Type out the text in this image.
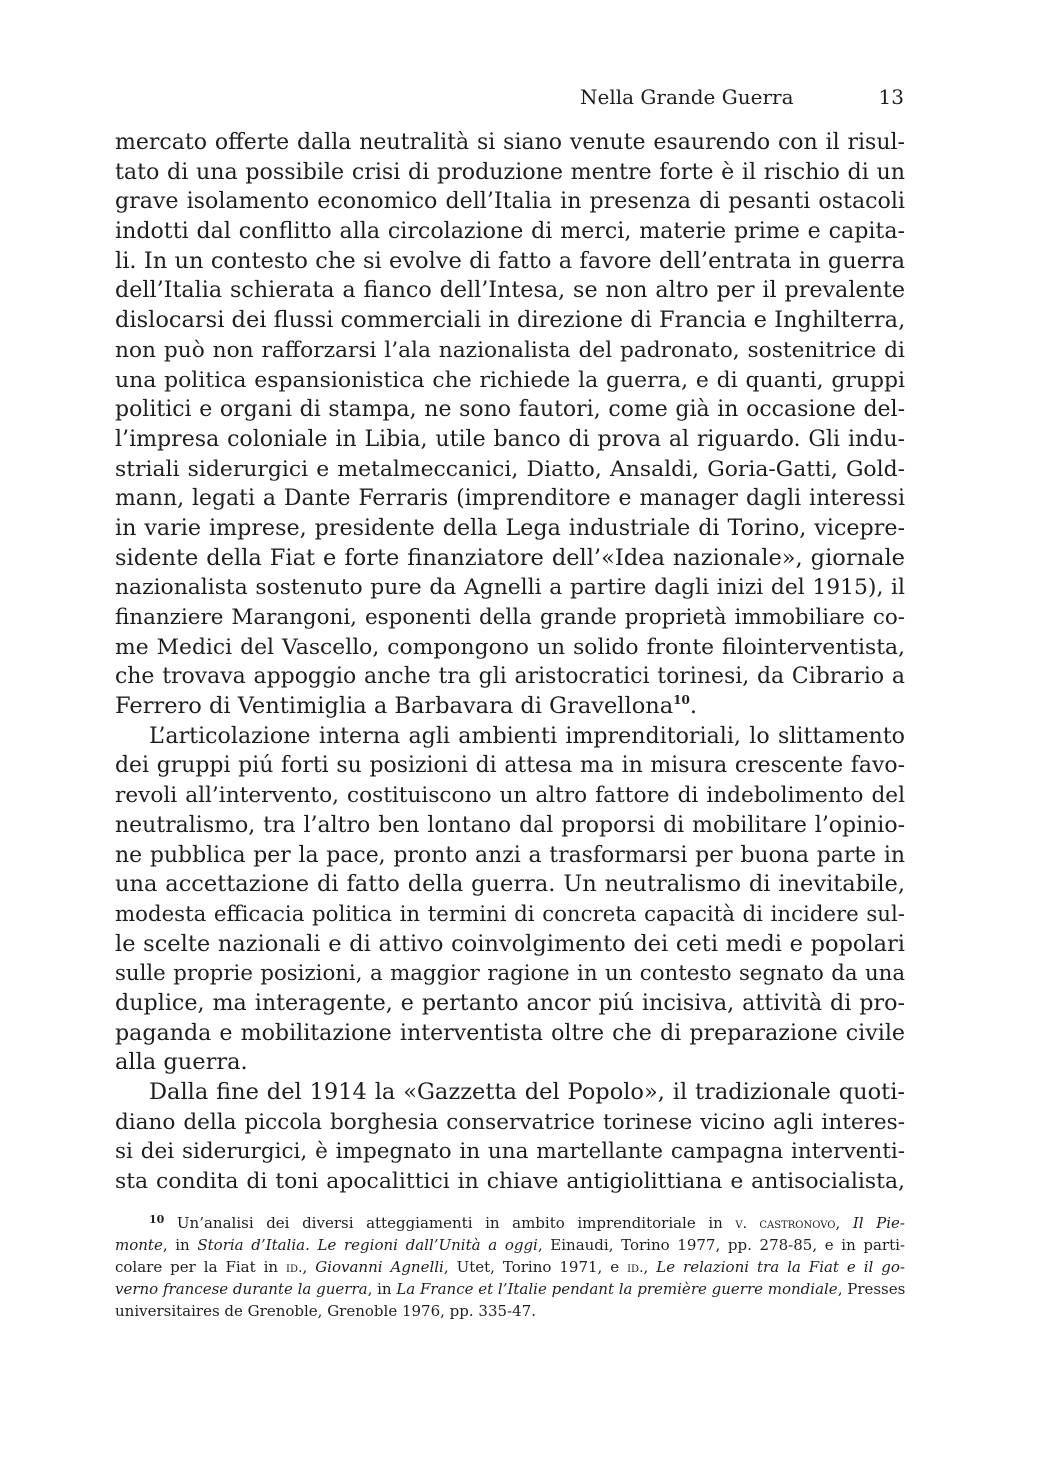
Nella Grande Guerra	13
mercato offerte dalla neutralità si siano venute esaurendo con il risul-
tato di una possibile crisi di produzione mentre forte è il rischio di un
grave isolamento economico dell’Italia in presenza di pesanti ostacoli
indotti dal conflitto alla circolazione di merci, materie prime e capita-
li. In un contesto che si evolve di fatto a favore dell’entrata in guerra
dell’Italia schierata a fianco dell’Intesa, se non altro per il prevalente
dislocarsi dei flussi commerciali in direzione di Francia e Inghilterra,
non può non rafforzarsi l’ala nazionalista del padronato, sostenitrice di
una politica espansionistica che richiede la guerra, e di quanti, gruppi
politici e organi di stampa, ne sono fautori, come già in occasione del-
l’impresa coloniale in Libia, utile banco di prova al riguardo. Gli indu-
striali siderurgici e metalmeccanici, Diatto, Ansaldi, Goria-Gatti, Gold-
mann, legati a Dante Ferraris (imprenditore e manager dagli interessi
in varie imprese, presidente della Lega industriale di Torino, vicepre-
sidente della Fiat e forte finanziatore dell’«Idea nazionale», giornale
nazionalista sostenuto pure da Agnelli a partire dagli inizi del 1915), il
finanziere Marangoni, esponenti della grande proprietà immobiliare co-
me Medici del Vascello, compongono un solido fronte filointerventista,
che trovava appoggio anche tra gli aristocratici torinesi, da Cibrario a
Ferrero di Ventimiglia a Barbavara di Gravellona$^{10}$.
L’articolazione interna agli ambienti imprenditoriali, lo slittamento
dei gruppi piú forti su posizioni di attesa ma in misura crescente favo-
revoli all’intervento, costituiscono un altro fattore di indebolimento del
neutralismo, tra l’altro ben lontano dal proporsi di mobilitare l’opinio-
ne pubblica per la pace, pronto anzi a trasformarsi per buona parte in
una accettazione di fatto della guerra. Un neutralismo di inevitabile,
modesta efficacia politica in termini di concreta capacità di incidere sul-
le scelte nazionali e di attivo coinvolgimento dei ceti medi e popolari
sulle proprie posizioni, a maggior ragione in un contesto segnato da una
duplice, ma interagente, e pertanto ancor piú incisiva, attività di pro-
paganda e mobilitazione interventista oltre che di preparazione civile
alla guerra.
Dalla fine del 1914 la «Gazzetta del Popolo», il tradizionale quoti-
diano della piccola borghesia conservatrice torinese vicino agli interes-
si dei siderurgici, è impegnato in una martellante campagna interventi-
sta condita di toni apocalittici in chiave antigiolittiana e antisocialista,
$^{10}$ Un’analisi dei diversi atteggiamenti in ambito imprenditoriale in v. castronovo, Il Pie-
monte, in Storia d’Italia. Le regioni dall’Unità a oggi, Einaudi, Torino 1977, pp. 278-85, e in parti-
colare per la Fiat in id., Giovanni Agnelli, Utet, Torino 1971, e id., Le relazioni tra la Fiat e il go-
verno francese durante la guerra, in La France et l’Italie pendant la première guerre mondiale, Presses
universitaires de Grenoble, Grenoble 1976, pp. 335-47.
